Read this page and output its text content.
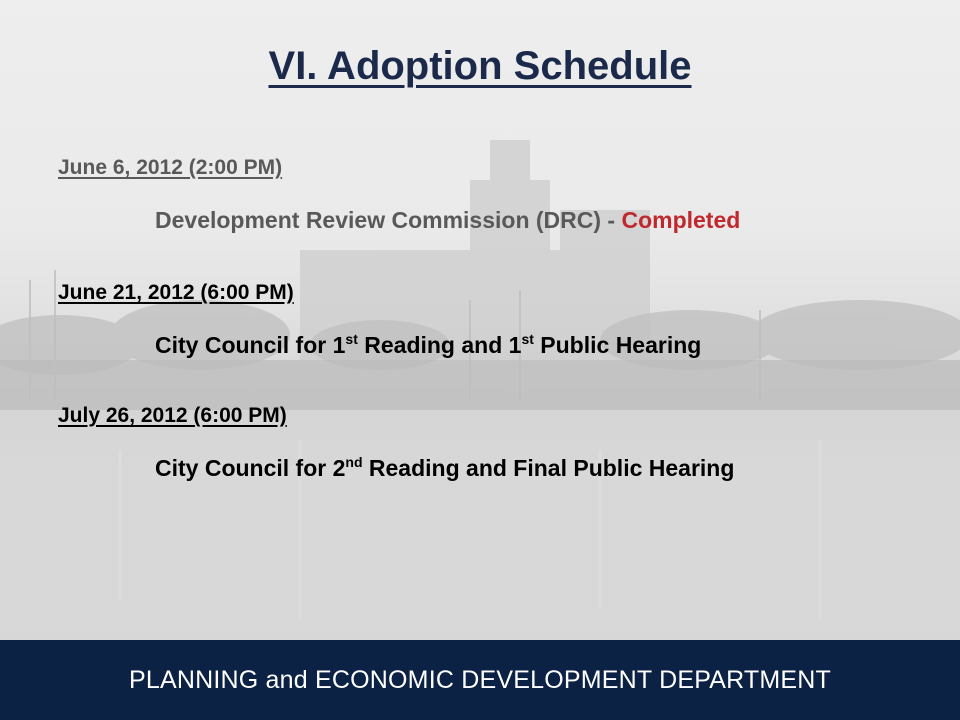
VI. Adoption Schedule
June 6, 2012 (2:00 PM)
Development Review Commission (DRC) - Completed
June 21, 2012 (6:00 PM)
City Council for 1st Reading and 1st Public Hearing
July 26, 2012 (6:00 PM)
City Council for 2nd Reading and Final Public Hearing
PLANNING and ECONOMIC DEVELOPMENT DEPARTMENT
